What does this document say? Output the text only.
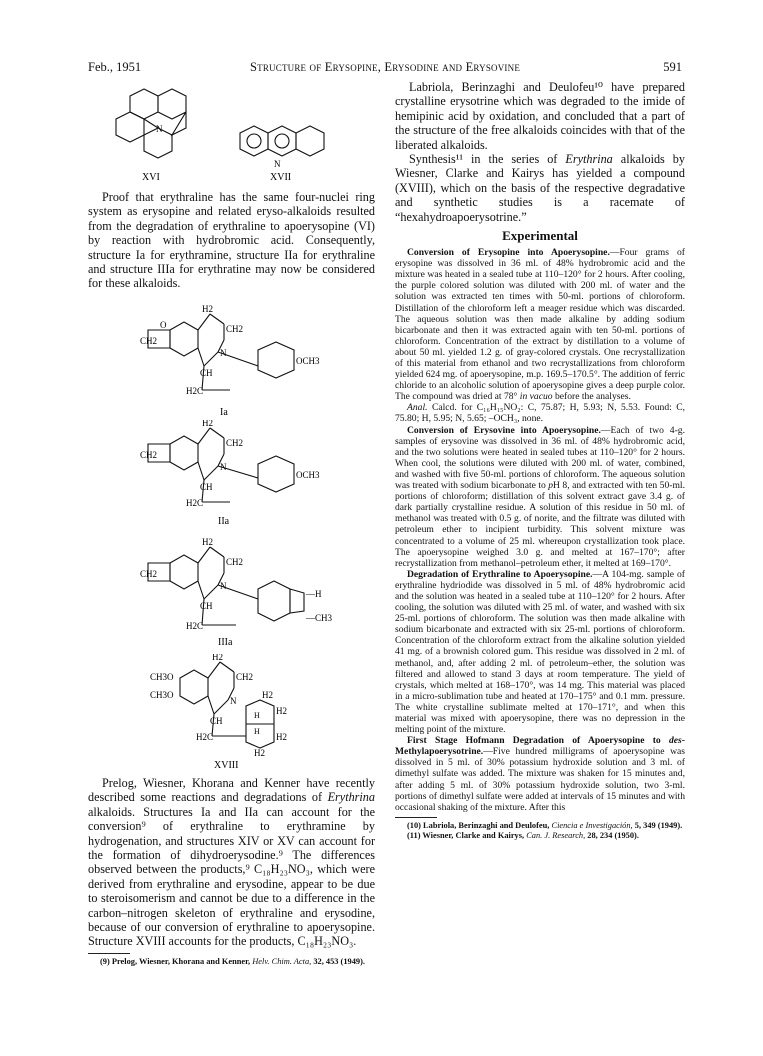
Feb., 1951	Structure of Erysopine, Erysodine and Erysovine	591
N
XVI
N
XVII

Proof that erythraline has the same four-nuclei ring system as erysopine and related eryso-alkaloids resulted from the degradation of erythraline to apoerysopine (VI) by reaction with hydrobromic acid. Consequently, structure Ia for erythramine, structure IIa for erythraline and structure IIIa for erythratine may now be considered for these alkaloids.

H2
CH2
O
CH2
N
CH
OCH3
H2C
Ia
H2
CH2
CH2
N
CH
OCH3
H2C
IIa
H2
CH2
CH2
N
CH
—H
—CH3
H2C
IIIa
H2
CH2
CH3O
CH3O
N
H2
CH
H
H
H2
H2
H2C
H2
XVIII

Prelog, Wiesner, Khorana and Kenner have recently described some reactions and degradations of Erythrina alkaloids. Structures Ia and IIa can account for the conversion⁹ of erythraline to erythramine by hydrogenation, and structures XIV or XV can account for the formation of dihydroerysodine.⁹ The differences observed between the products,⁹ C₁₈H₂₃NO₃, which were derived from erythraline and erysodine, appear to be due to steroisomerism and cannot be due to a difference in the carbon–nitrogen skeleton of erythraline and erysodine, because of our conversion of erythraline to apoerysopine. Structure XVIII accounts for the products, C₁₈H₂₃NO₃.

(9) Prelog, Wiesner, Khorana and Kenner, Helv. Chim. Acta, 32, 453 (1949).

Labriola, Berinzaghi and Deulofeu¹⁰ have prepared crystalline erysotrine which was degraded to the imide of hemipinic acid by oxidation, and concluded that a part of the structure of the free alkaloids coincides with that of the liberated alkaloids.

Synthesis¹¹ in the series of Erythrina alkaloids by Wiesner, Clarke and Kairys has yielded a compound (XVIII), which on the basis of the respective degradative and synthetic studies is a racemate of “hexahydroapoerysotrine.”

Experimental

Conversion of Erysopine into Apoerysopine.—Four grams of erysopine was dissolved in 36 ml. of 48% hydrobromic acid and the mixture was heated in a sealed tube at 110–120° for 2 hours. After cooling, the purple colored solution was diluted with 200 ml. of water and the solution was extracted ten times with 50-ml. portions of chloroform. Distillation of the chloroform left a meager residue which was discarded. The aqueous solution was then made alkaline by adding sodium bicarbonate and then it was extracted again with ten 50-ml. portions of chloroform. Concentration of the extract by distillation to a volume of about 50 ml. yielded 1.2 g. of gray-colored crystals. One recrystallization of this material from ethanol and two recrystallizations from chloroform yielded 624 mg. of apoerysopine, m.p. 169.5–170.5°. The addition of ferric chloride to an alcoholic solution of apoerysopine gives a deep purple color. The compound was dried at 78° in vacuo before the analyses.

Anal. Calcd. for C₁₆H₁₅NO₂: C, 75.87; H, 5.93; N, 5.53. Found: C, 75.80; H, 5.95; N, 5.65; –OCH₃, none.

Conversion of Erysovine into Apoerysopine.—Each of two 4-g. samples of erysovine was dissolved in 36 ml. of 48% hydrobromic acid, and the two solutions were heated in sealed tubes at 110–120° for 2 hours. When cool, the solutions were diluted with 200 ml. of water, combined, and washed with five 50-ml. portions of chloroform. The aqueous solution was treated with sodium bicarbonate to pH 8, and extracted with ten 50-ml. portions of chloroform; distillation of this solvent extract gave 3.4 g. of dark partially crystalline residue. A solution of this residue in 50 ml. of methanol was treated with 0.5 g. of norite, and the filtrate was diluted with petroleum ether to incipient turbidity. This solvent mixture was concentrated to a volume of 25 ml. whereupon crystallization took place. The apoerysopine weighed 3.0 g. and melted at 167–170°; after recrystallization from methanol–petroleum ether, it melted at 169–170°.

Degradation of Erythraline to Apoerysopine.—A 104-mg. sample of erythraline hydriodide was dissolved in 5 ml. of 48% hydrobromic acid and the solution was heated in a sealed tube at 110–120° for 2 hours. After cooling, the solution was diluted with 25 ml. of water, and washed with six 25-ml. portions of chloroform. The solution was then made alkaline with sodium bicarbonate and extracted with six 25-ml. portions of chloroform. Concentration of the chloroform extract from the alkaline solution yielded 41 mg. of a brownish colored gum. This residue was dissolved in 2 ml. of methanol, and, after adding 2 ml. of petroleum–ether, the solution was filtered and allowed to stand 3 days at room temperature. The yield of crystals, which melted at 168–170°, was 14 mg. This material was placed in a micro-sublimation tube and heated at 170–175° and 0.1 mm. pressure. The white crystalline sublimate melted at 170–171°, and when this material was mixed with apoerysopine, there was no depression in the melting point of the mixture.

First Stage Hofmann Degradation of Apoerysopine to des-Methylapoerysotrine.—Five hundred milligrams of apoerysopine was dissolved in 5 ml. of 30% potassium hydroxide solution and 3 ml. of dimethyl sulfate was added. The mixture was shaken for 15 minutes and, after adding 5 ml. of 30% potassium hydroxide solution, two 3-ml. portions of dimethyl sulfate were added at intervals of 15 minutes and with occasional shaking of the mixture. After this

(10) Labriola, Berinzaghi and Deulofeu, Ciencia e Investigación, 5, 349 (1949).

(11) Wiesner, Clarke and Kairys, Can. J. Research, 28, 234 (1950).
